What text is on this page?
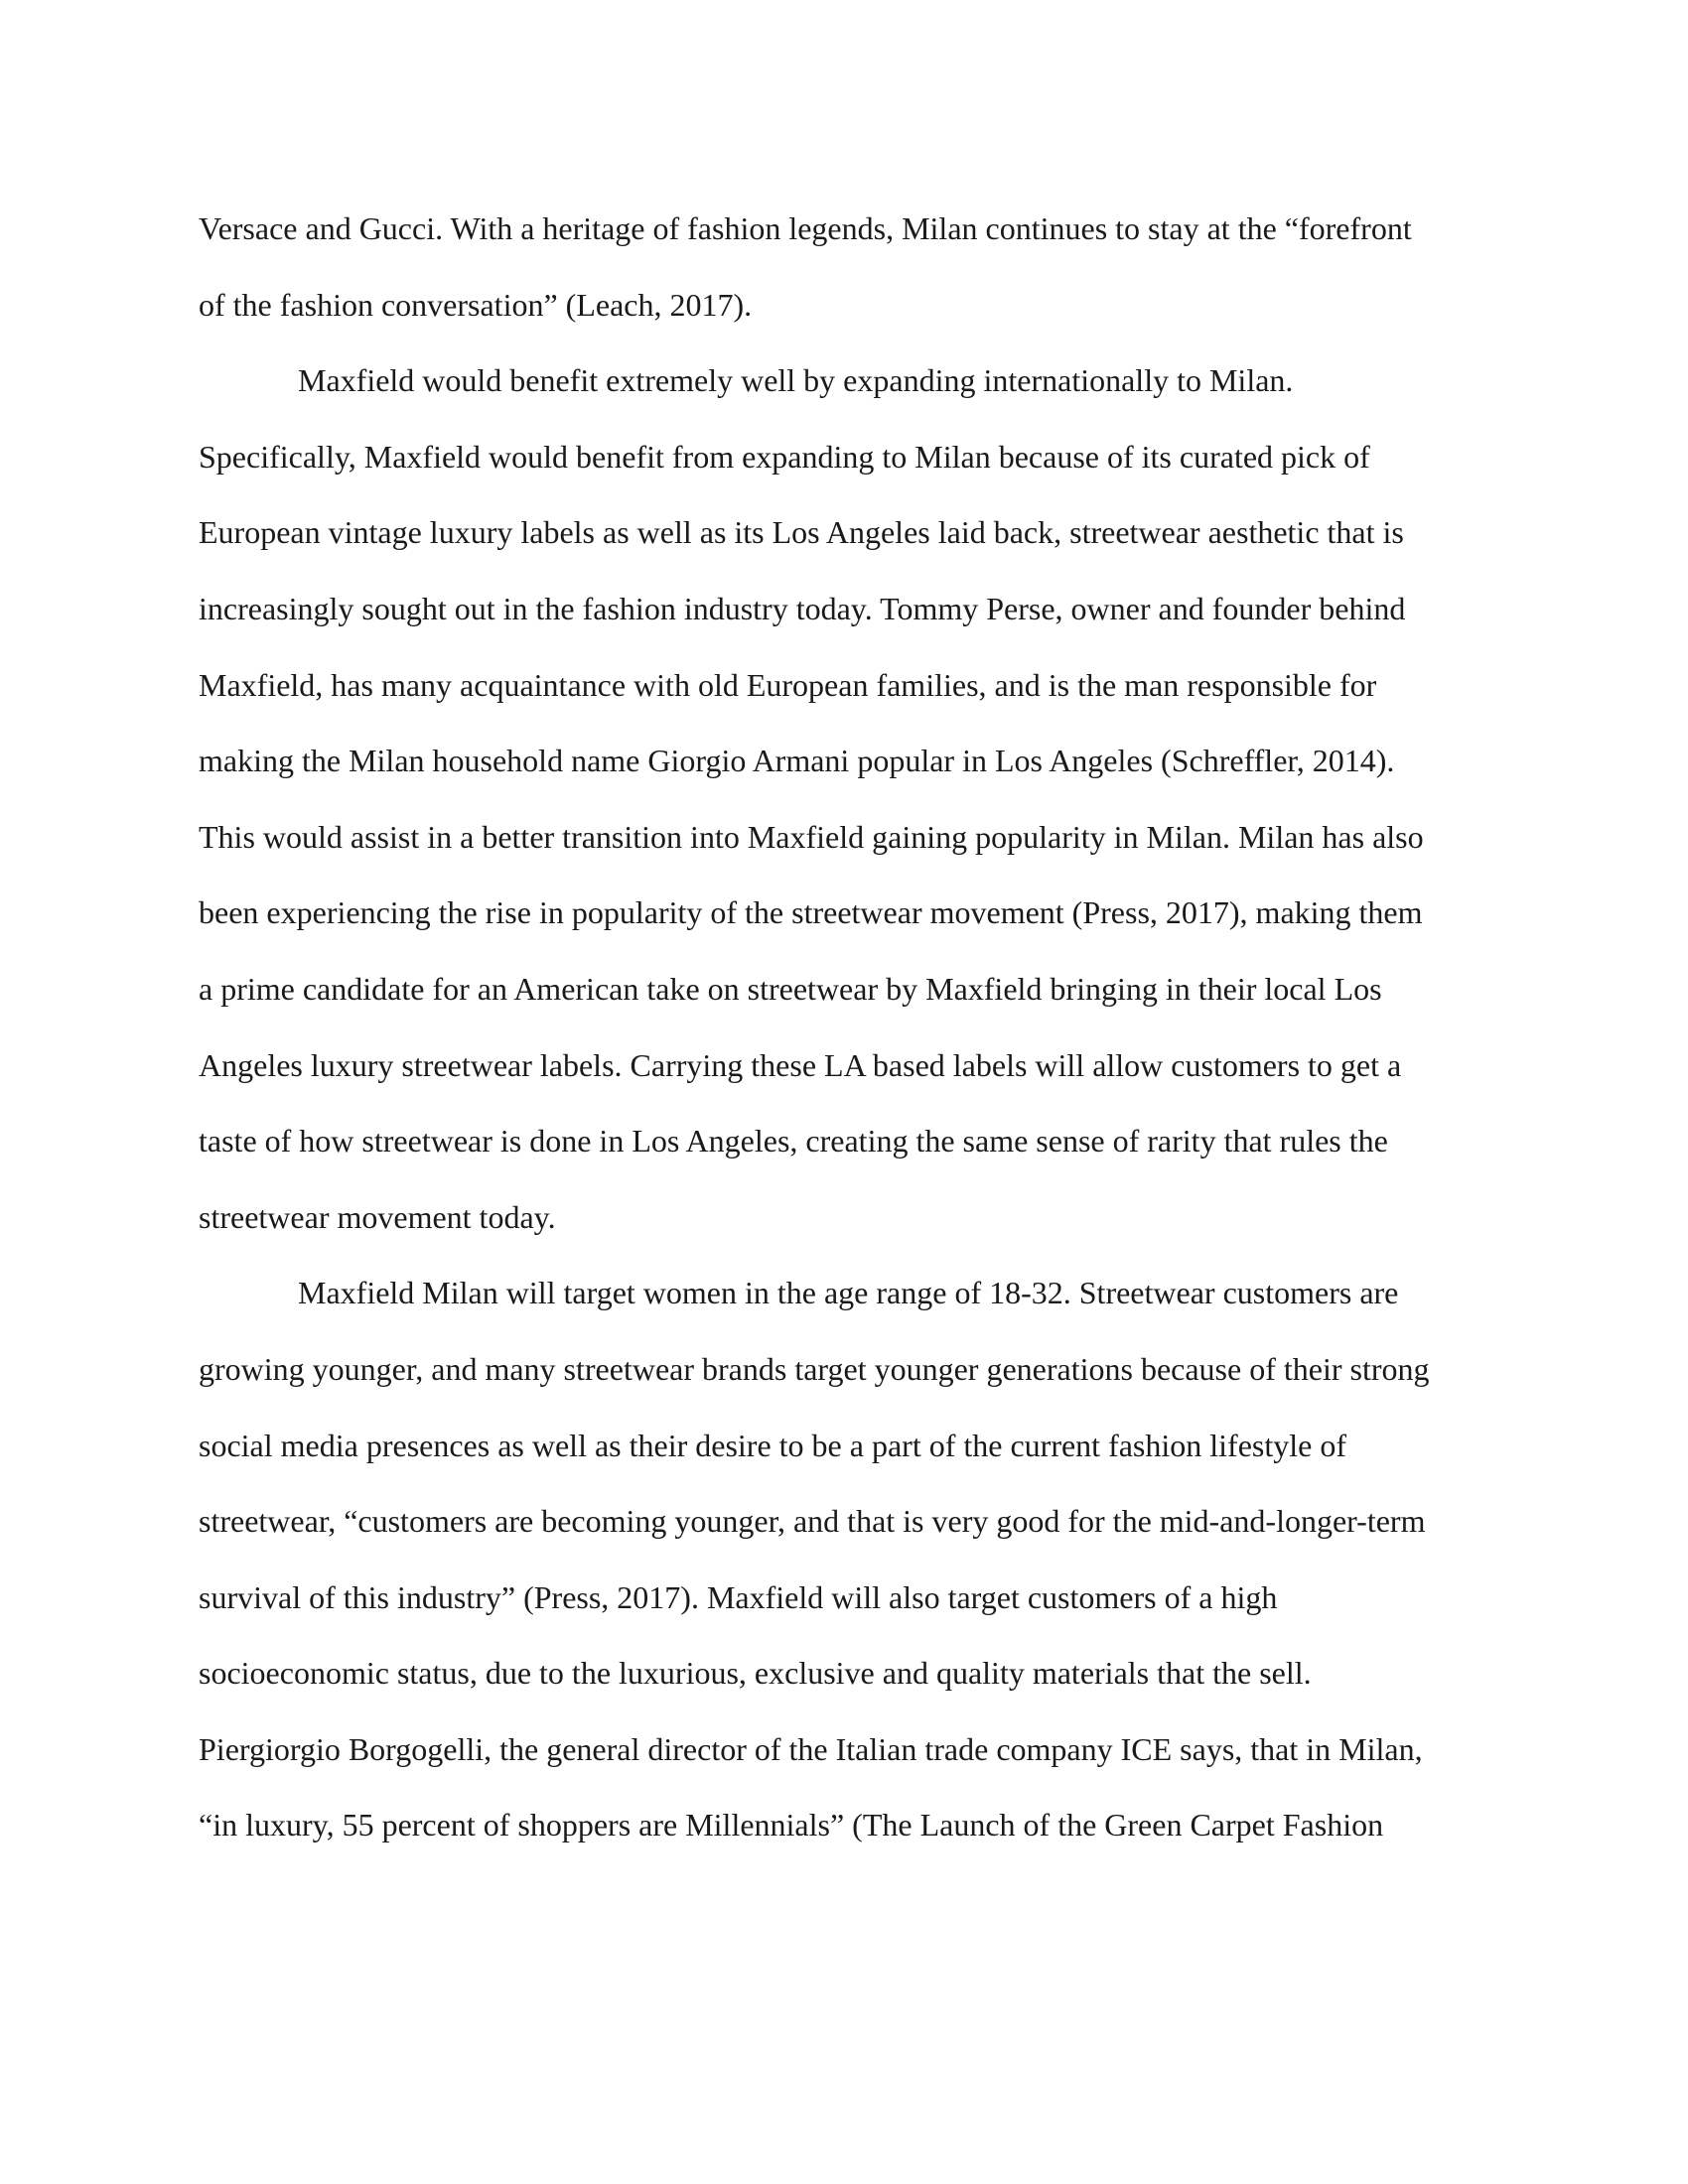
Versace and Gucci. With a heritage of fashion legends, Milan continues to stay at the “forefront
of the fashion conversation” (Leach, 2017).
Maxfield would benefit extremely well by expanding internationally to Milan.
Specifically, Maxfield would benefit from expanding to Milan because of its curated pick of
European vintage luxury labels as well as its Los Angeles laid back, streetwear aesthetic that is
increasingly sought out in the fashion industry today. Tommy Perse, owner and founder behind
Maxfield, has many acquaintance with old European families, and is the man responsible for
making the Milan household name Giorgio Armani popular in Los Angeles (Schreffler, 2014).
This would assist in a better transition into Maxfield gaining popularity in Milan. Milan has also
been experiencing the rise in popularity of the streetwear movement (Press, 2017), making them
a prime candidate for an American take on streetwear by Maxfield bringing in their local Los
Angeles luxury streetwear labels. Carrying these LA based labels will allow customers to get a
taste of how streetwear is done in Los Angeles, creating the same sense of rarity that rules the
streetwear movement today.
Maxfield Milan will target women in the age range of 18-32. Streetwear customers are
growing younger, and many streetwear brands target younger generations because of their strong
social media presences as well as their desire to be a part of the current fashion lifestyle of
streetwear, “customers are becoming younger, and that is very good for the mid-and-longer-term
survival of this industry” (Press, 2017). Maxfield will also target customers of a high
socioeconomic status, due to the luxurious, exclusive and quality materials that the sell.
Piergiorgio Borgogelli, the general director of the Italian trade company ICE says, that in Milan,
“in luxury, 55 percent of shoppers are Millennials” (The Launch of the Green Carpet Fashion
